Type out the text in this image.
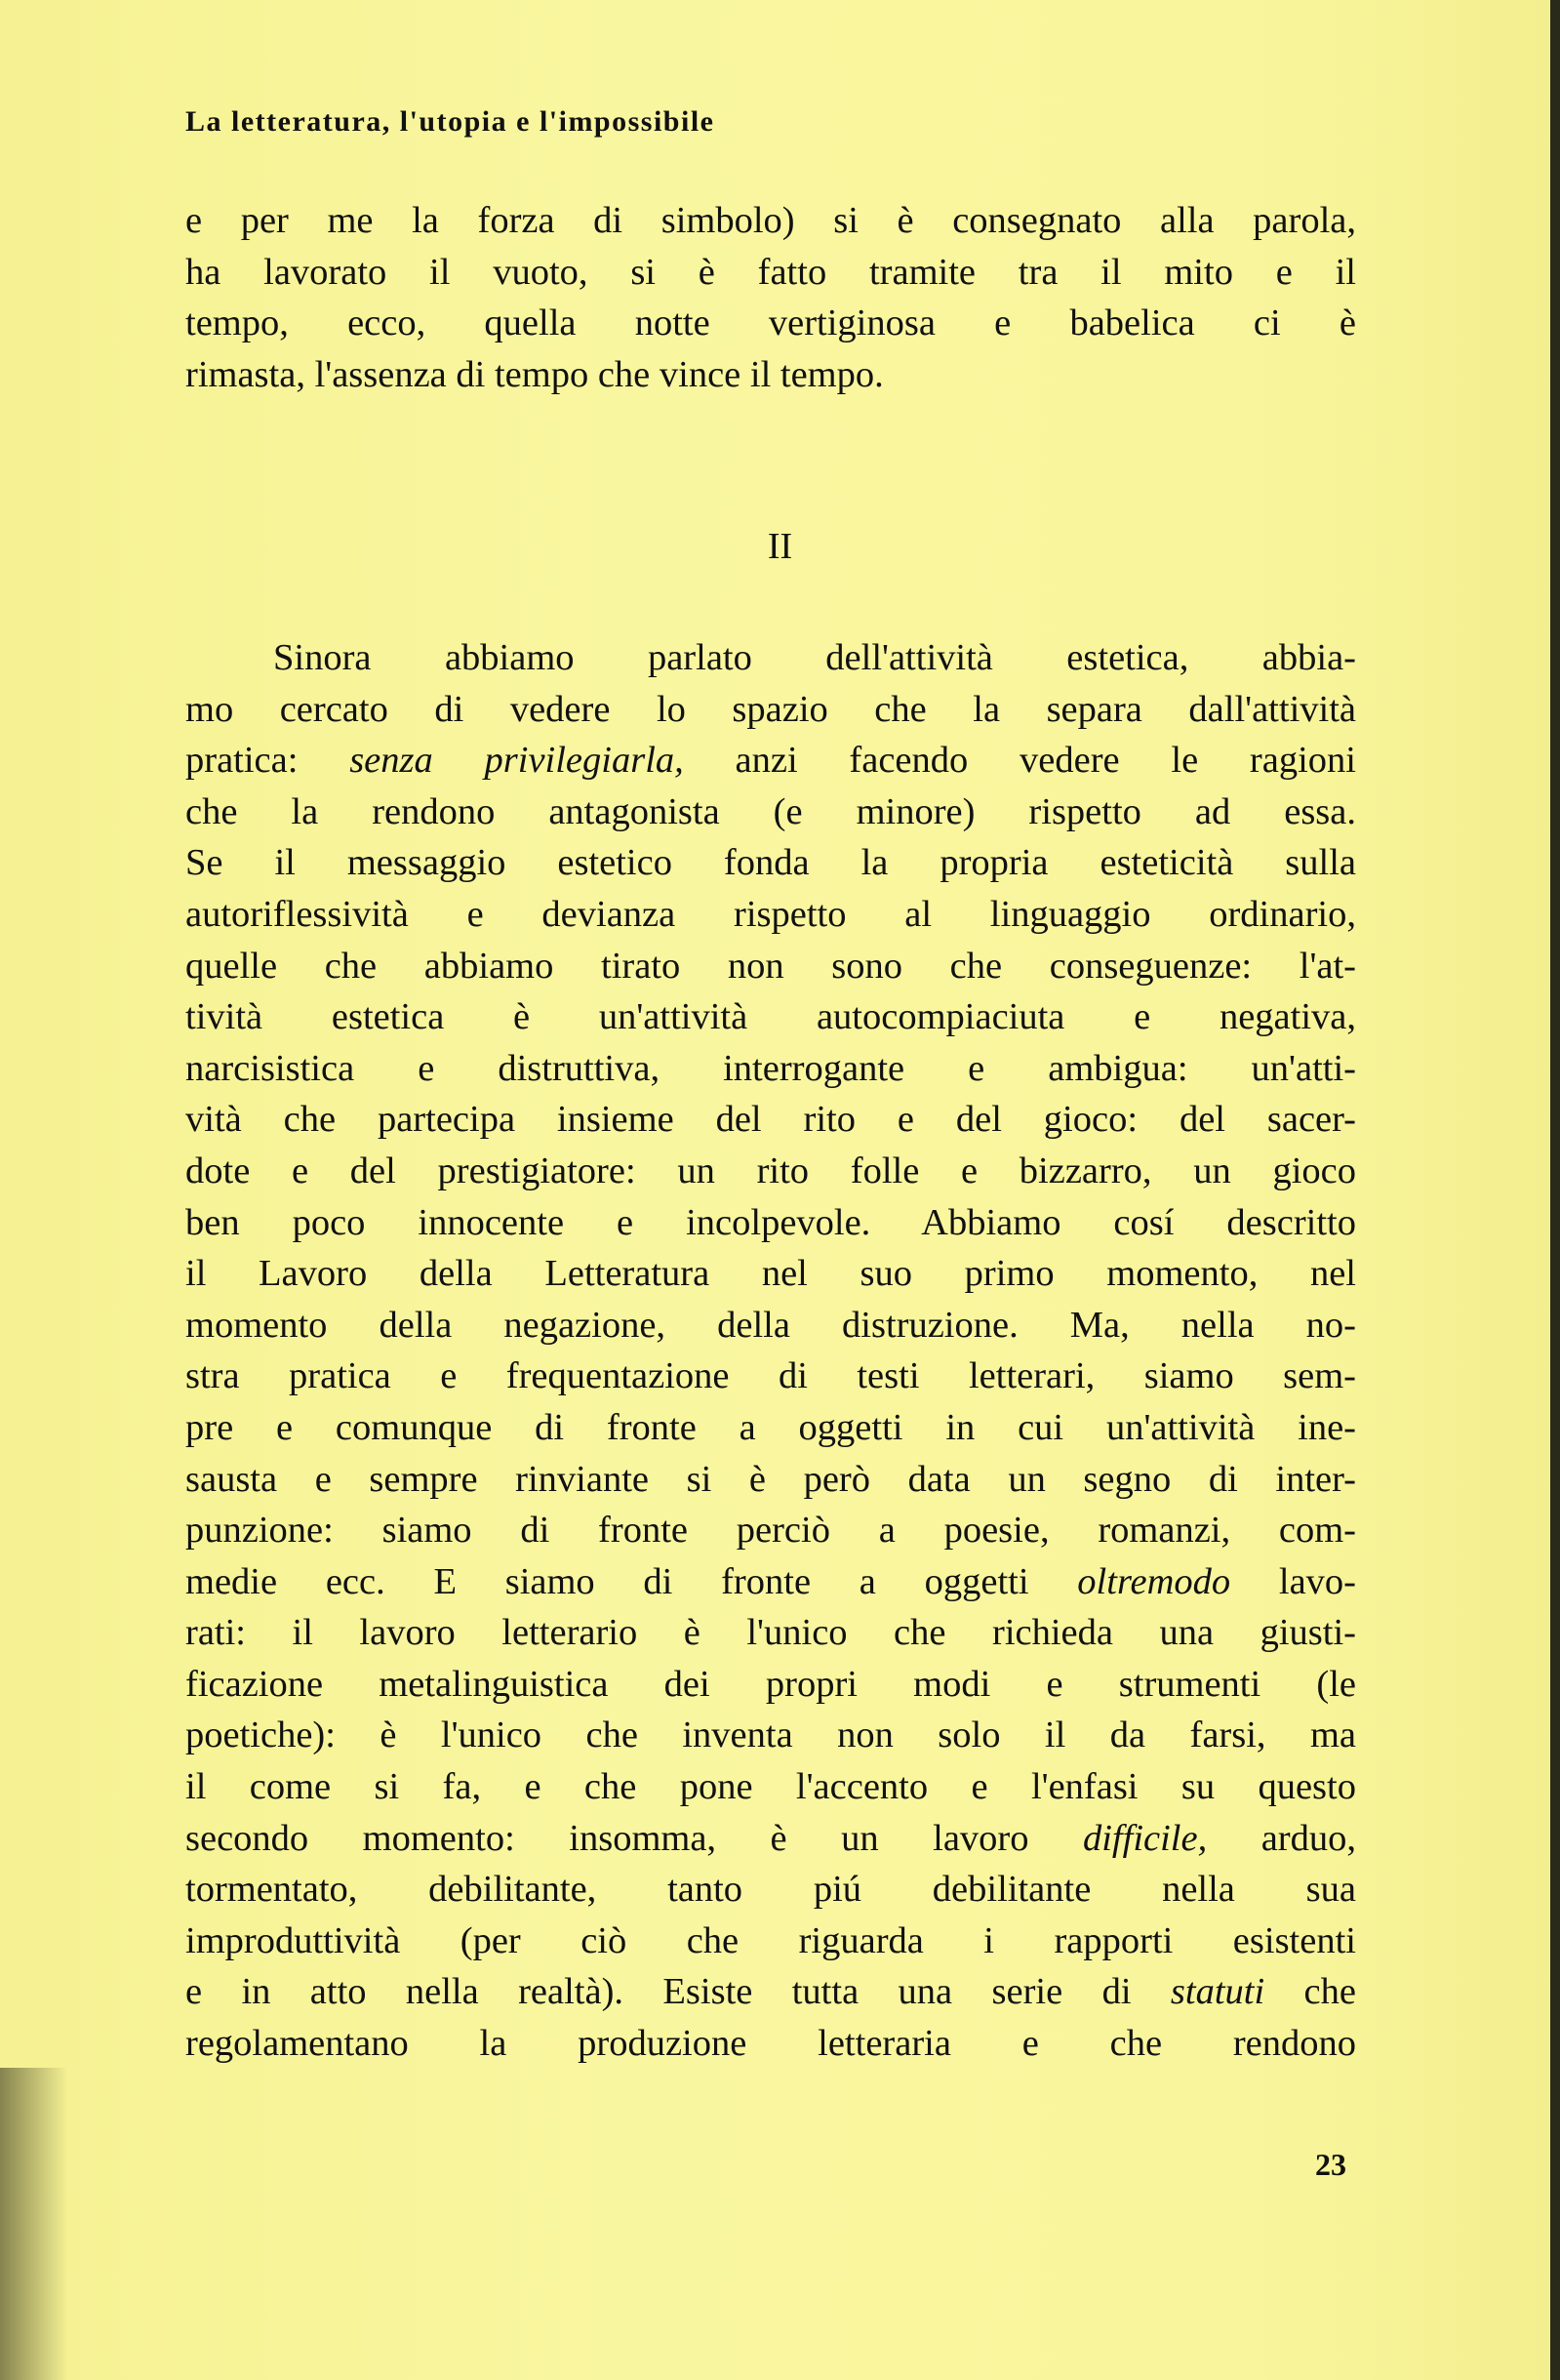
La letteratura, l'utopia e l'impossibile
e per me la forza di simbolo) si è consegnato alla parola,
ha lavorato il vuoto, si è fatto tramite tra il mito e il
tempo, ecco, quella notte vertiginosa e babelica ci è
rimasta, l'assenza di tempo che vince il tempo.
II
Sinora abbiamo parlato dell'attività estetica, abbia-
mo cercato di vedere lo spazio che la separa dall'attività
pratica: senza privilegiarla, anzi facendo vedere le ragioni
che la rendono antagonista (e minore) rispetto ad essa.
Se il messaggio estetico fonda la propria esteticità sulla
autoriflessività e devianza rispetto al linguaggio ordinario,
quelle che abbiamo tirato non sono che conseguenze: l'at-
tività estetica è un'attività autocompiaciuta e negativa,
narcisistica e distruttiva, interrogante e ambigua: un'atti-
vità che partecipa insieme del rito e del gioco: del sacer-
dote e del prestigiatore: un rito folle e bizzarro, un gioco
ben poco innocente e incolpevole. Abbiamo cosí descritto
il Lavoro della Letteratura nel suo primo momento, nel
momento della negazione, della distruzione. Ma, nella no-
stra pratica e frequentazione di testi letterari, siamo sem-
pre e comunque di fronte a oggetti in cui un'attività ine-
sausta e sempre rinviante si è però data un segno di inter-
punzione: siamo di fronte perciò a poesie, romanzi, com-
medie ecc. E siamo di fronte a oggetti oltremodo lavo-
rati: il lavoro letterario è l'unico che richieda una giusti-
ficazione metalinguistica dei propri modi e strumenti (le
poetiche): è l'unico che inventa non solo il da farsi, ma
il come si fa, e che pone l'accento e l'enfasi su questo
secondo momento: insomma, è un lavoro difficile, arduo,
tormentato, debilitante, tanto piú debilitante nella sua
improduttività (per ciò che riguarda i rapporti esistenti
e in atto nella realtà). Esiste tutta una serie di statuti che
regolamentano la produzione letteraria e che rendono
23
